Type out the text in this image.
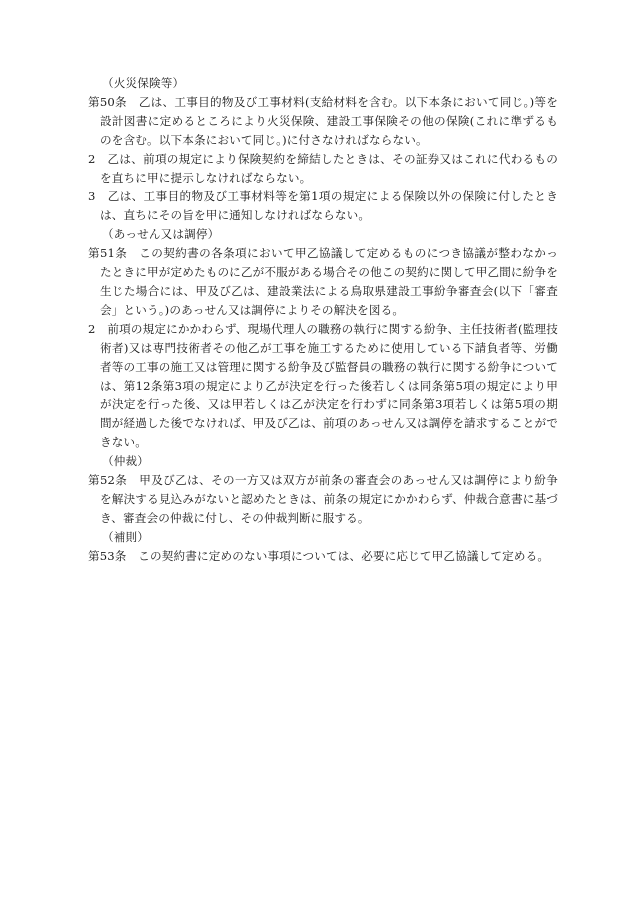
（火災保険等）
第50条　 乙は、工事目的物及び工事材料(支給材料を含む。以下本条において同じ。)等を設計図書に定めるところにより火災保険、建設工事保険その他の保険(これに準ずるものを含む。以下本条において同じ。)に付さなければならない。
2　 乙は、前項の規定により保険契約を締結したときは、その証券又はこれに代わるものを直ちに甲に提示しなければならない。
3　 乙は、工事目的物及び工事材料等を第1項の規定による保険以外の保険に付したときは、直ちにその旨を甲に通知しなければならない。
（あっせん又は調停）
第51条　 この契約書の各条項において甲乙協議して定めるものにつき協議が整わなかったときに甲が定めたものに乙が不服がある場合その他この契約に関して甲乙間に紛争を生じた場合には、甲及び乙は、建設業法による鳥取県建設工事紛争審査会(以下「審査会」という。)のあっせん又は調停によりその解決を図る。
2　 前項の規定にかかわらず、現場代理人の職務の執行に関する紛争、主任技術者(監理技術者)又は専門技術者その他乙が工事を施工するために使用している下請負者等、労働者等の工事の施工又は管理に関する紛争及び監督員の職務の執行に関する紛争については、第12条第3項の規定により乙が決定を行った後若しくは同条第5項の規定により甲が決定を行った後、又は甲若しくは乙が決定を行わずに同条第3項若しくは第5項の期間が経過した後でなければ、甲及び乙は、前項のあっせん又は調停を請求することができない。
（仲裁）
第52条　 甲及び乙は、その一方又は双方が前条の審査会のあっせん又は調停により紛争を解決する見込みがないと認めたときは、前条の規定にかかわらず、仲裁合意書に基づき、審査会の仲裁に付し、その仲裁判断に服する。
（補則）
第53条　 この契約書に定めのない事項については、必要に応じて甲乙協議して定める。
